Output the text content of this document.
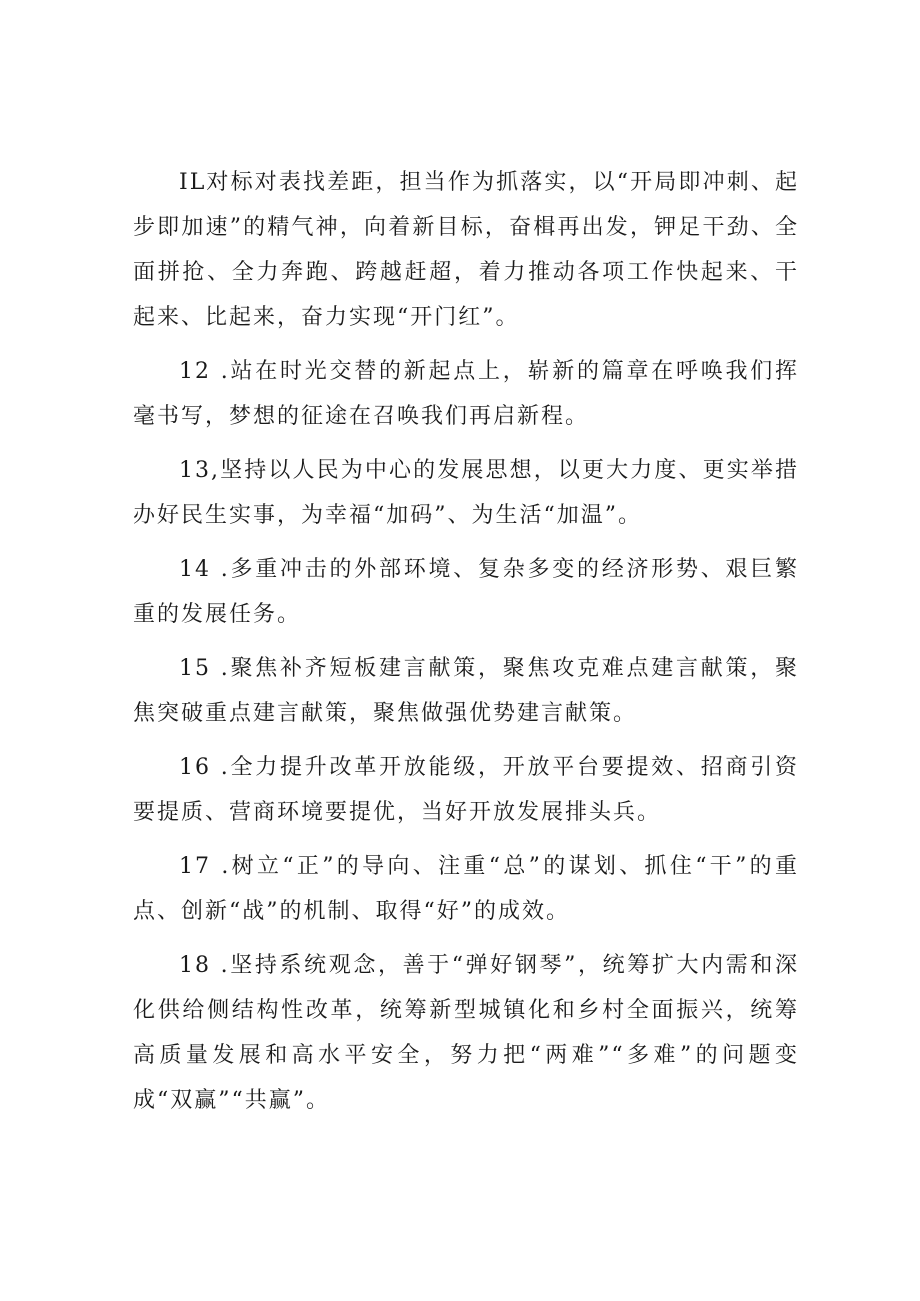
IL对标对表找差距，担当作为抓落实，以“开局即冲刺、起步即加速”的精气神，向着新目标，奋楫再出发，钾足干劲、全面拼抢、全力奔跑、跨越赶超，着力推动各项工作快起来、干起来、比起来，奋力实现“开门红”。

12 .站在时光交替的新起点上，崭新的篇章在呼唤我们挥毫书写，梦想的征途在召唤我们再启新程。

13,坚持以人民为中心的发展思想，以更大力度、更实举措办好民生实事，为幸福“加码”、为生活“加温”。

14 .多重冲击的外部环境、复杂多变的经济形势、艰巨繁重的发展任务。

15 .聚焦补齐短板建言献策，聚焦攻克难点建言献策，聚焦突破重点建言献策，聚焦做强优势建言献策。

16 .全力提升改革开放能级，开放平台要提效、招商引资要提质、营商环境要提优，当好开放发展排头兵。

17 .树立“正”的导向、注重“总”的谋划、抓住“干”的重点、创新“战”的机制、取得“好”的成效。

18 .坚持系统观念，善于“弹好钢琴”，统筹扩大内需和深化供给侧结构性改革，统筹新型城镇化和乡村全面振兴，统筹高质量发展和高水平安全，努力把“两难”“多难”的问题变成“双赢”“共赢”。
